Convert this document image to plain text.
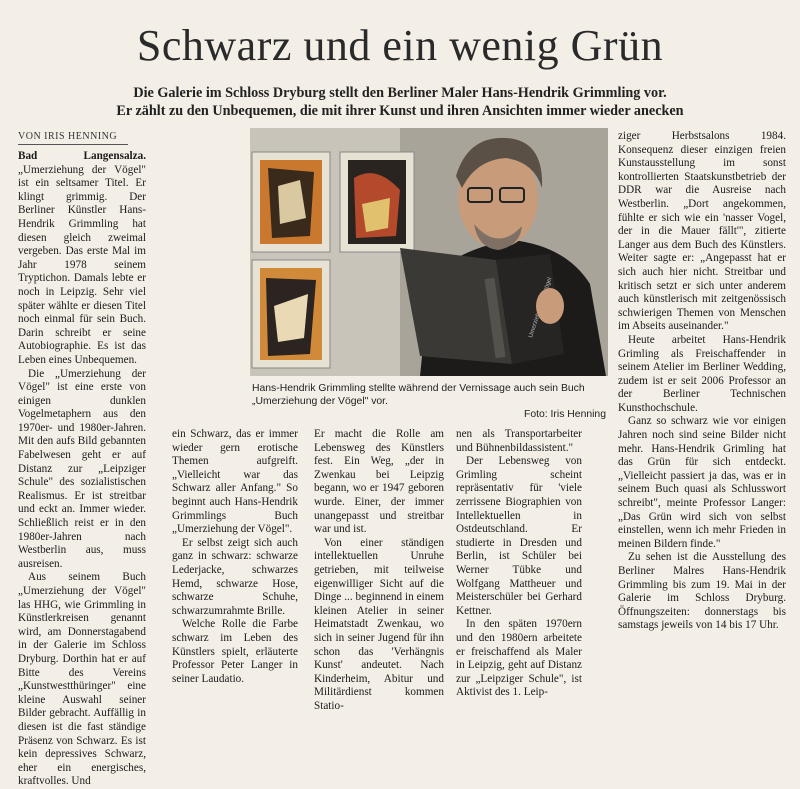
Schwarz und ein wenig Grün
Die Galerie im Schloss Dryburg stellt den Berliner Maler Hans-Hendrik Grimmling vor.
Er zählt zu den Unbequemen, die mit ihrer Kunst und ihren Ansichten immer wieder anecken
VON IRIS HENNING

Bad Langensalza. „Umerziehung der Vögel" ist ein seltsamer Titel. Er klingt grimmig. Der Berliner Künstler Hans-Hendrik Grimmling hat diesen gleich zweimal vergeben. Das erste Mal im Jahr 1978 seinem Tryptichon. Damals lebte er noch in Leipzig. Sehr viel später wählte er diesen Titel noch einmal für sein Buch. Darin schreibt er seine Autobiographie. Es ist das Leben eines Unbequemen.

Die „Umerziehung der Vögel" ist eine erste von einigen dunklen Vogelmetaphern aus den 1970er- und 1980er-Jahren. Mit den aufs Bild gebannten Fabelwesen geht er auf Distanz zur „Leipziger Schule" des sozialistischen Realismus. Er ist streitbar und eckt an. Immer wieder. Schließlich reist er in den 1980er-Jahren nach Westberlin aus, muss ausreisen.

Aus seinem Buch „Umerziehung der Vögel" las HHG, wie Grimmling in Künstlerkreisen genannt wird, am Donnerstagabend in der Galerie im Schloss Dryburg. Dorthin hat er auf Bitte des Vereins „Kunstwestthüringer" eine kleine Auswahl seiner Bilder gebracht. Auffällig in diesen ist die fast ständige Präsenz von Schwarz. Es ist kein depressives Schwarz, eher ein energisches, kraftvolles. Und

Umerziehung Vögel
Hans-Hendrik Grimmling stellte während der Vernissage auch sein Buch „Umerziehung der Vögel" vor.
Foto: Iris Henning

ein Schwarz, das er immer wieder gern erotische Themen aufgreift. „Vielleicht war das Schwarz aller Anfang." So beginnt auch Hans-Hendrik Grimmlings Buch „Umerziehung der Vögel".

Er selbst zeigt sich auch ganz in schwarz: schwarze Lederjacke, schwarzes Hemd, schwarze Hose, schwarze Schuhe, schwarzumrahmte Brille.

Welche Rolle die Farbe schwarz im Leben des Künstlers spielt, erläuterte Professor Peter Langer in seiner Laudatio.

Er macht die Rolle am Lebensweg des Künstlers fest. Ein Weg, „der in Zwenkau bei Leipzig begann, wo er 1947 geboren wurde. Einer, der immer unangepasst und streitbar war und ist.

Von einer ständigen intellektuellen Unruhe getrieben, mit teilweise eigenwilliger Sicht auf die Dinge ... beginnend in einem kleinen Atelier in seiner Heimatstadt Zwenkau, wo sich in seiner Jugend für ihn schon das 'Verhängnis Kunst' andeutet. Nach Kinderheim, Abitur und Militärdienst kommen Statio-

nen als Transportarbeiter und Bühnenbildassistent."

Der Lebensweg von Grimling scheint repräsentativ für 'viele zerrissene Biographien von Intellektuellen in Ostdeutschland. Er studierte in Dresden und Berlin, ist Schüler bei Werner Tübke und Wolfgang Mattheuer und Meisterschüler bei Gerhard Kettner.

In den späten 1970ern und den 1980ern arbeitete er freischaffend als Maler in Leipzig, geht auf Distanz zur „Leipziger Schule", ist Aktivist des 1. Leip-

ziger Herbstsalons 1984. Konsequenz dieser einzigen freien Kunstausstellung im sonst kontrollierten Staatskunstbetrieb der DDR war die Ausreise nach Westberlin. „Dort angekommen, fühlte er sich wie ein 'nasser Vogel, der in die Mauer fällt'", zitierte Langer aus dem Buch des Künstlers. Weiter sagte er: „Angepasst hat er sich auch hier nicht. Streitbar und kritisch setzt er sich unter anderem auch künstlerisch mit zeitgenössisch schwierigen Themen von Menschen im Abseits auseinander."

Heute arbeitet Hans-Hendrik Grimling als Freischaffender in seinem Atelier im Berliner Wedding, zudem ist er seit 2006 Professor an der Berliner Technischen Kunsthochschule.

Ganz so schwarz wie vor einigen Jahren noch sind seine Bilder nicht mehr. Hans-Hendrik Grimling hat das Grün für sich entdeckt. „Vielleicht passiert ja das, was er in seinem Buch quasi als Schlusswort schreibt", meinte Professor Langer: „Das Grün wird sich von selbst einstellen, wenn ich mehr Frieden in meinen Bildern finde."

Zu sehen ist die Ausstellung des Berliner Malres Hans-Hendrik Grimmling bis zum 19. Mai in der Galerie im Schloss Dryburg. Öffnungszeiten: donnerstags bis samstags jeweils von 14 bis 17 Uhr.
